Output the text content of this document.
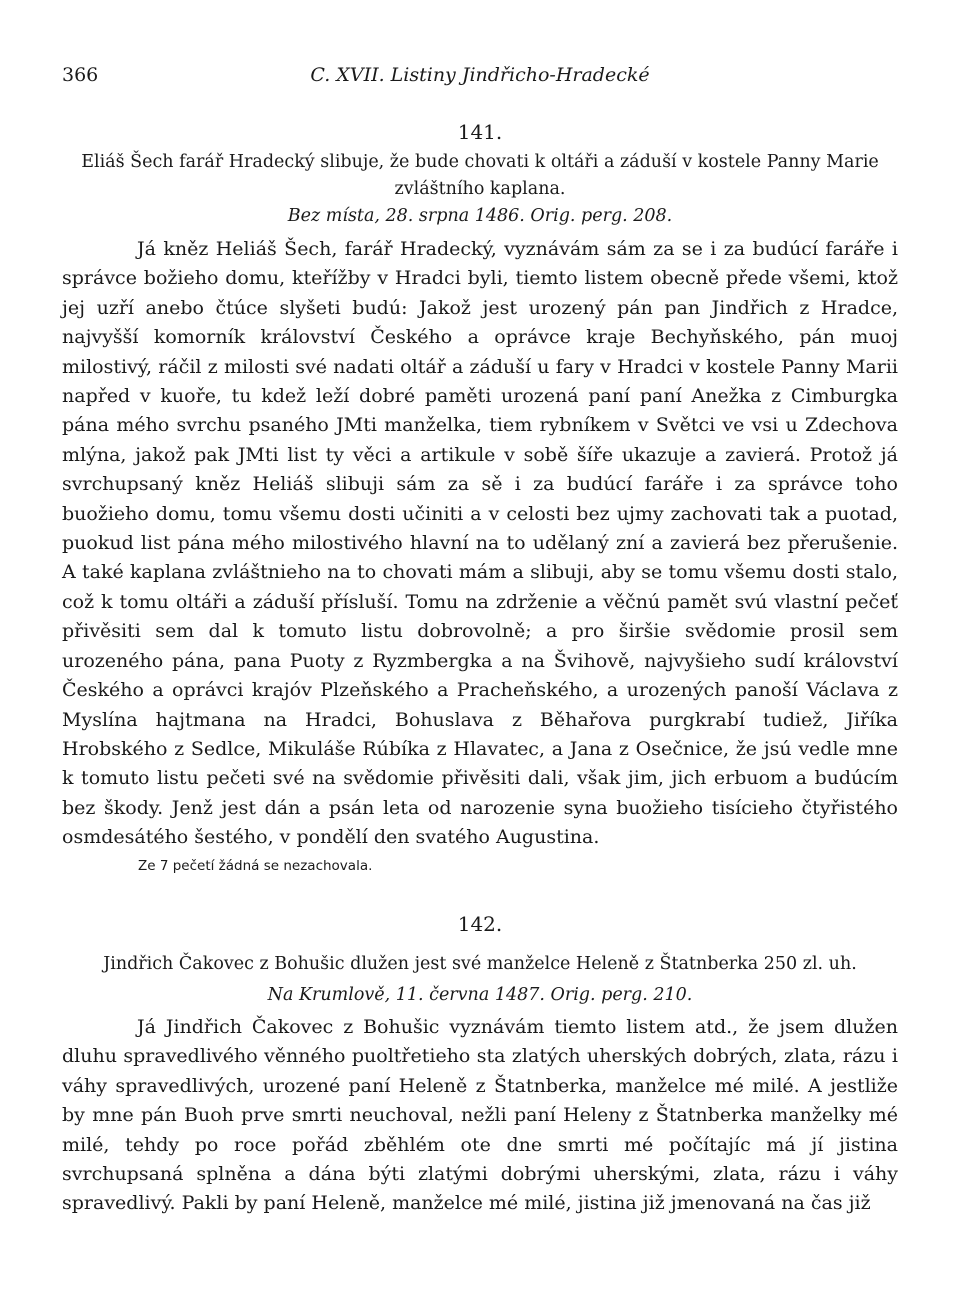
366	C. XVII. Listiny Jindřicho-Hradecké
141.
Eliáš Šech farář Hradecký slibuje, že bude chovati k oltáři a záduší v kostele Panny Marie zvláštního kaplana.
Bez místa, 28. srpna 1486. Orig. perg. 208.
Já kněz Heliáš Šech, farář Hradecký, vyznávám sám za se i za budúcí faráře i správce božieho domu, kteřížby v Hradci byli, tiemto listem obecně přede všemi, ktož jej uzří anebo čtúce slyšeti budú: Jakož jest urozený pán pan Jindřich z Hradce, najvyšší komorník království Českého a oprávce kraje Bechyňského, pán muoj milostivý, ráčil z milosti své nadati oltář a záduší u fary v Hradci v kostele Panny Marii napřed v kuoře, tu kdež leží dobré paměti urozená paní paní Anežka z Cimburgka pána mého svrchu psaného JMti manželka, tiem rybníkem v Světci ve vsi u Zdechova mlýna, jakož pak JMti list ty věci a artikule v sobě šíře ukazuje a zavierá. Protož já svrchupsaný kněz Heliáš slibuji sám za sě i za budúcí faráře i za správce toho buožieho domu, tomu všemu dosti učiniti a v celosti bez ujmy zachovati tak a puotad, puokud list pána mého milostivého hlavní na to udělaný zní a zavierá bez přerušenie. A také kaplana zvláštnieho na to chovati mám a slibuji, aby se tomu všemu dosti stalo, což k tomu oltáři a záduší přísluší. Tomu na zdrženie a věčnú pamět svú vlastní pečeť přivěsiti sem dal k tomuto listu dobrovolně; a pro širšie svědomie prosil sem urozeného pána, pana Puoty z Ryzmbergka a na Švihově, najvyšieho sudí království Českého a oprávci krajóv Plzeňského a Pracheňského, a urozených panoší Václava z Myslína hajtmana na Hradci, Bohuslava z Běhařova purgkrabí tudiež, Jiříka Hrobského z Sedlce, Mikuláše Rúbíka z Hlavatec, a Jana z Osečnice, že jsú vedle mne k tomuto listu pečeti své na svědomie přivěsiti dali, však jim, jich erbuom a budúcím bez škody. Jenž jest dán a psán leta od narozenie syna buožieho tisícieho čtyřistého osmdesátého šestého, v pondělí den svatého Augustina.
Ze 7 pečetí žádná se nezachovala.
142.
Jindřich Čakovec z Bohušic dlužen jest své manželce Heleně z Štatnberka 250 zl. uh.
Na Krumlově, 11. června 1487. Orig. perg. 210.
Já Jindřich Čakovec z Bohušic vyznávám tiemto listem atd., že jsem dlužen dluhu spravedlivého věnného puoltřetieho sta zlatých uherských dobrých, zlata, rázu i váhy spravedlivých, urozené paní Heleně z Štatnberka, manželce mé milé. A jestliže by mne pán Buoh prve smrti neuchoval, nežli paní Heleny z Štatnberka manželky mé milé, tehdy po roce pořád zběhlém ote dne smrti mé počítajíc má jí jistina svrchupsaná splněna a dána býti zlatými dobrými uherskými, zlata, rázu i váhy spravedlivý. Pakli by paní Heleně, manželce mé milé, jistina již jmenovaná na čas již
